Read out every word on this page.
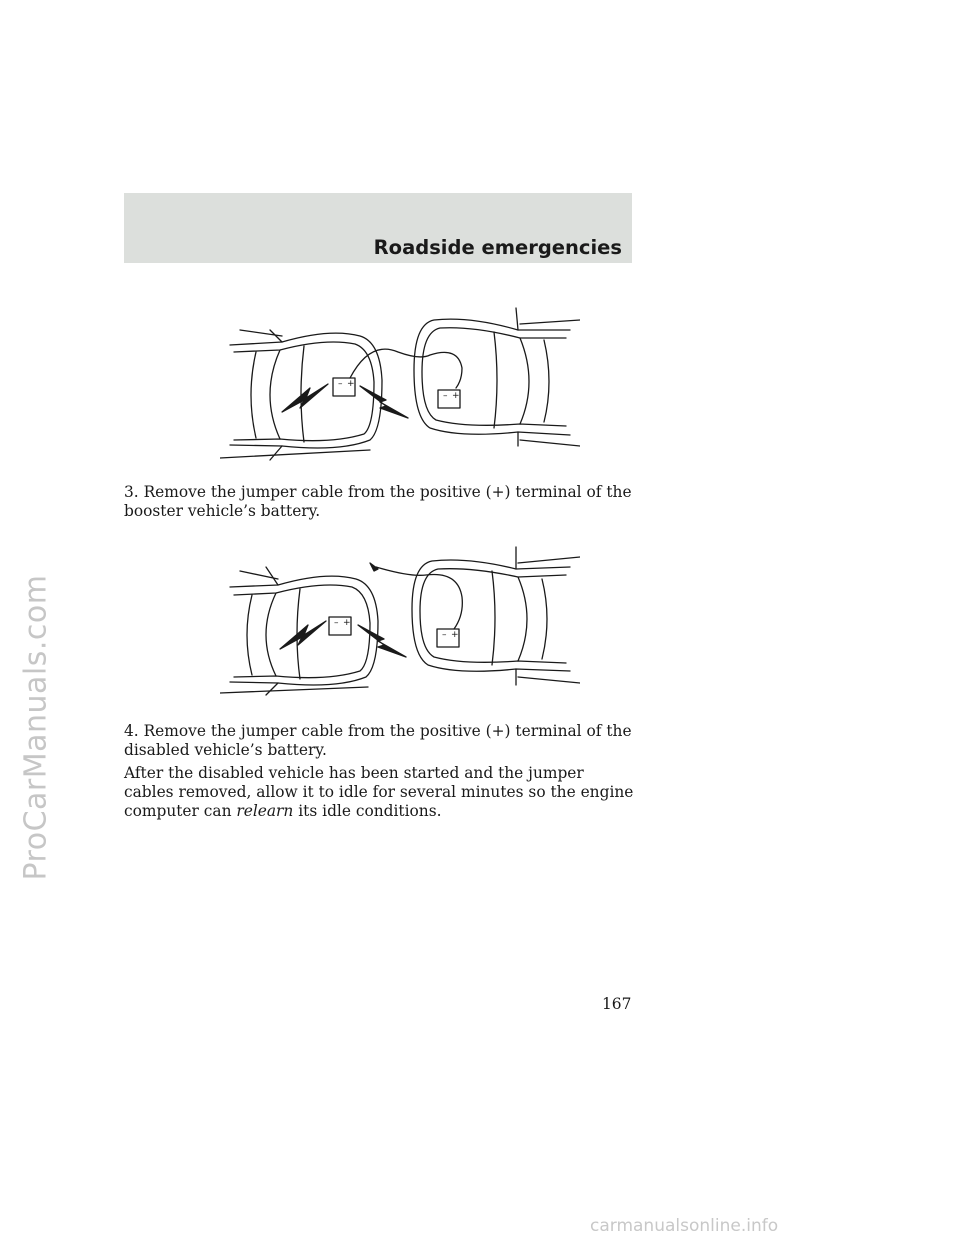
ProCarManuals.com
Roadside emergencies
– +
– +

3. Remove the jumper cable from the positive (+) terminal of the booster vehicle’s battery.

– +
– +

4. Remove the jumper cable from the positive (+) terminal of the disabled vehicle’s battery.

After the disabled vehicle has been started and the jumper cables removed, allow it to idle for several minutes so the engine computer can relearn its idle conditions.

167
carmanualsonline.info
